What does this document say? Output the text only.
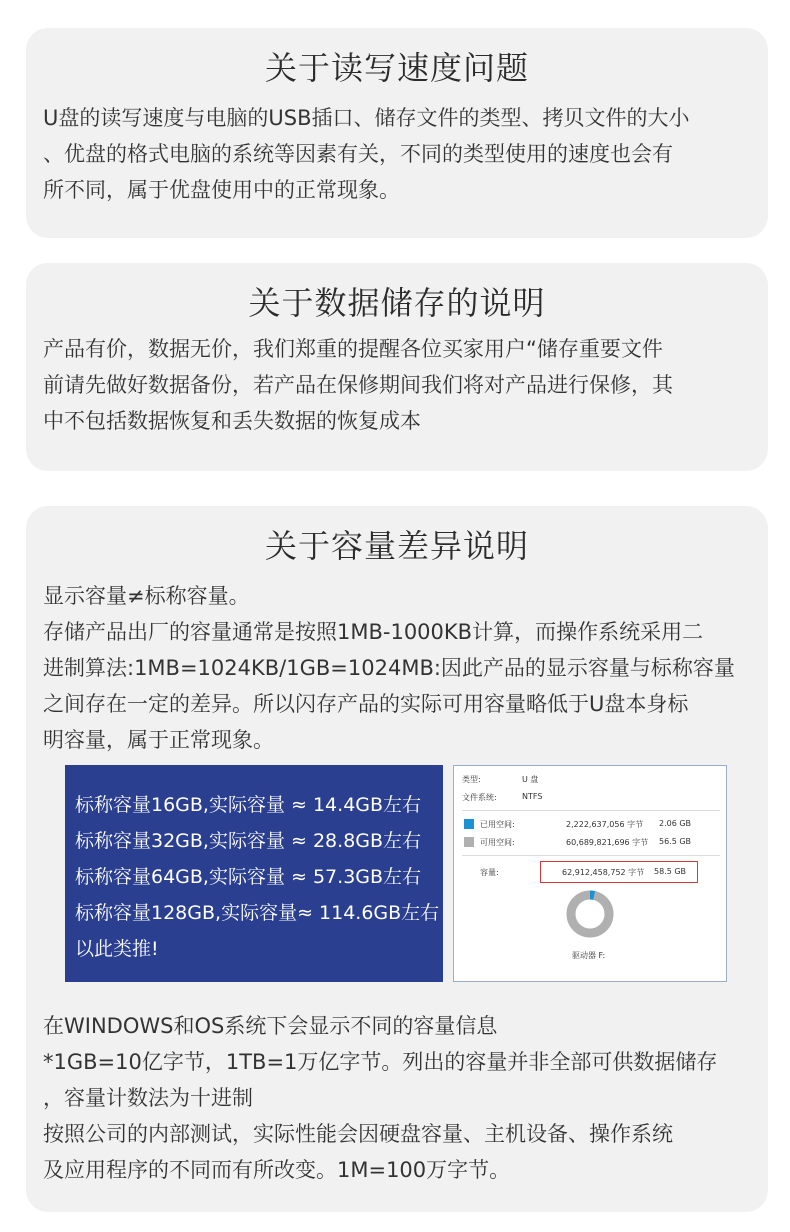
关于读写速度问题

U盘的读写速度与电脑的USB插口、储存文件的类型、拷贝文件的大小

、优盘的格式电脑的系统等因素有关，不同的类型使用的速度也会有

所不同，属于优盘使用中的正常现象。

关于数据储存的说明

产品有价，数据无价，我们郑重的提醒各位买家用户“储存重要文件

前请先做好数据备份，若产品在保修期间我们将对产品进行保修，其

中不包括数据恢复和丢失数据的恢复成本

关于容量差异说明

显示容量≠标称容量。

存储产品出厂的容量通常是按照1MB-1000KB计算，而操作系统采用二

进制算法:1MB=1024KB/1GB=1024MB:因此产品的显示容量与标称容量

之间存在一定的差异。所以闪存产品的实际可用容量略低于U盘本身标

明容量，属于正常现象。

标称容量16GB,实际容量 ≈ 14.4GB左右
标称容量32GB,实际容量 ≈ 28.8GB左右
标称容量64GB,实际容量 ≈ 57.3GB左右
标称容量128GB,实际容量≈ 114.6GB左右
以此类推!
类型:	U 盘
文件系统:	NTFS
已用空间:	2,222,637,056 字节 2.06 GB
可用空间:	60,689,821,696 字节 56.5 GB
容量:	62,912,458,752 字节 58.5 GB
驱动器 F:

在WINDOWS和OS系统下会显示不同的容量信息

*1GB=10亿字节，1TB=1万亿字节。列出的容量并非全部可供数据储存

，容量计数法为十进制

按照公司的内部测试，实际性能会因硬盘容量、主机设备、操作系统

及应用程序的不同而有所改变。1M=100万字节。
